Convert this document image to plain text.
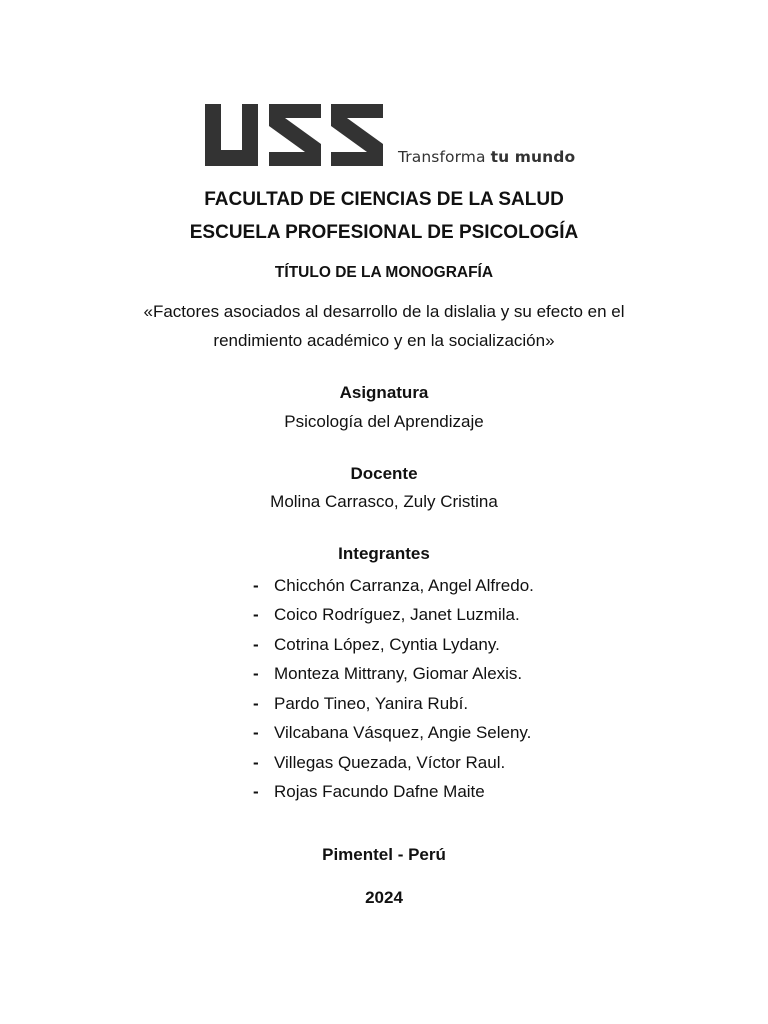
Transforma tu mundo
FACULTAD DE CIENCIAS DE LA SALUD
ESCUELA PROFESIONAL DE PSICOLOGÍA
TÍTULO DE LA MONOGRAFÍA
«Factores asociados al desarrollo de la dislalia y su efecto en el
rendimiento académico y en la socialización»
Asignatura
Psicología del Aprendizaje
Docente
Molina Carrasco, Zuly Cristina
Integrantes
- Chicchón Carranza, Angel Alfredo.
- Coico Rodríguez, Janet Luzmila.
- Cotrina López, Cyntia Lydany.
- Monteza Mittrany, Giomar Alexis.
- Pardo Tineo, Yanira Rubí.
- Vilcabana Vásquez, Angie Seleny.
- Villegas Quezada, Víctor Raul.
- Rojas Facundo Dafne Maite
Pimentel - Perú
2024
